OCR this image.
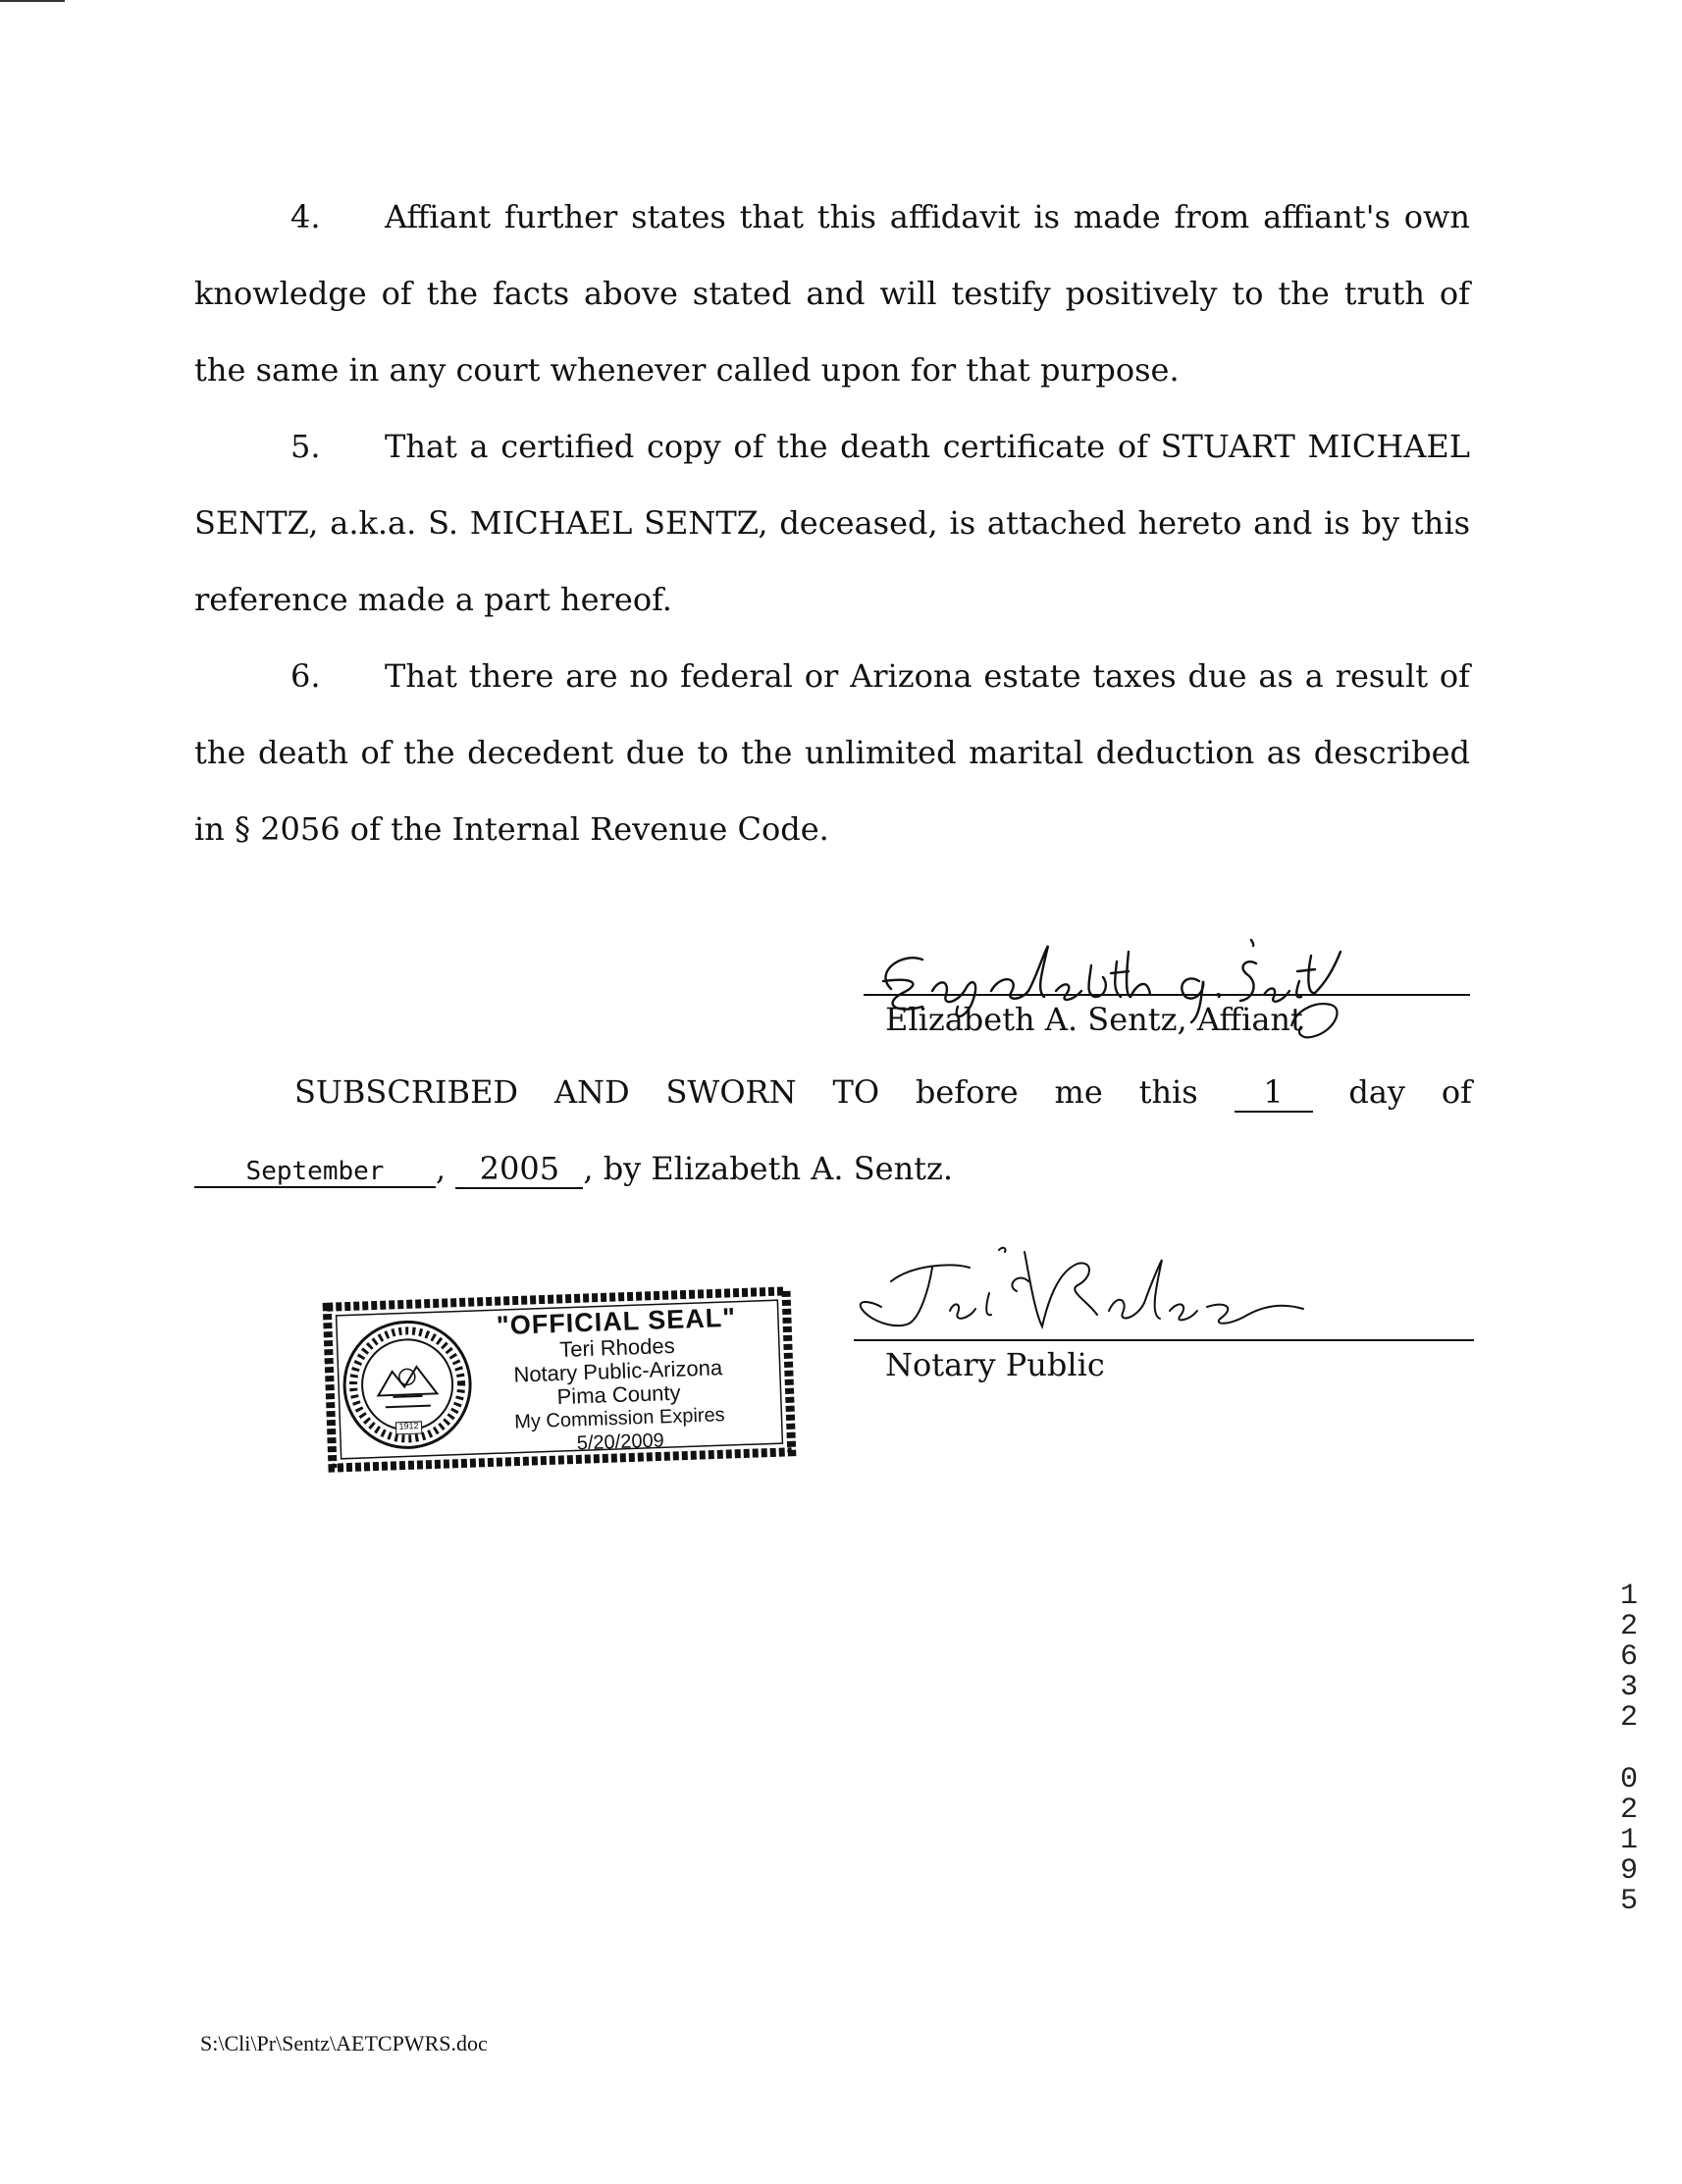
4. Affiant further states that this affidavit is made from affiant's own knowledge of the facts above stated and will testify positively to the truth of the same in any court whenever called upon for that purpose.

5. That a certified copy of the death certificate of STUART MICHAEL SENTZ, a.k.a. S. MICHAEL SENTZ, deceased, is attached hereto and is by this reference made a part hereof.

6. That there are no federal or Arizona estate taxes due as a result of the death of the decedent due to the unlimited marital deduction as described in § 2056 of the Internal Revenue Code.

Elizabeth A. Sentz, Affiant
SUBSCRIBED AND SWORN TO before me this	1	day of
September , 2005 , by Elizabeth A. Sentz.
1912
"OFFICIAL SEAL"
Teri Rhodes
Notary Public-Arizona
Pima County
My Commission Expires 5/20/2009
Notary Public
1
2
6
3
2
0
2
1
9
5
S:\Cli\Pr\Sentz\AETCPWRS.doc
